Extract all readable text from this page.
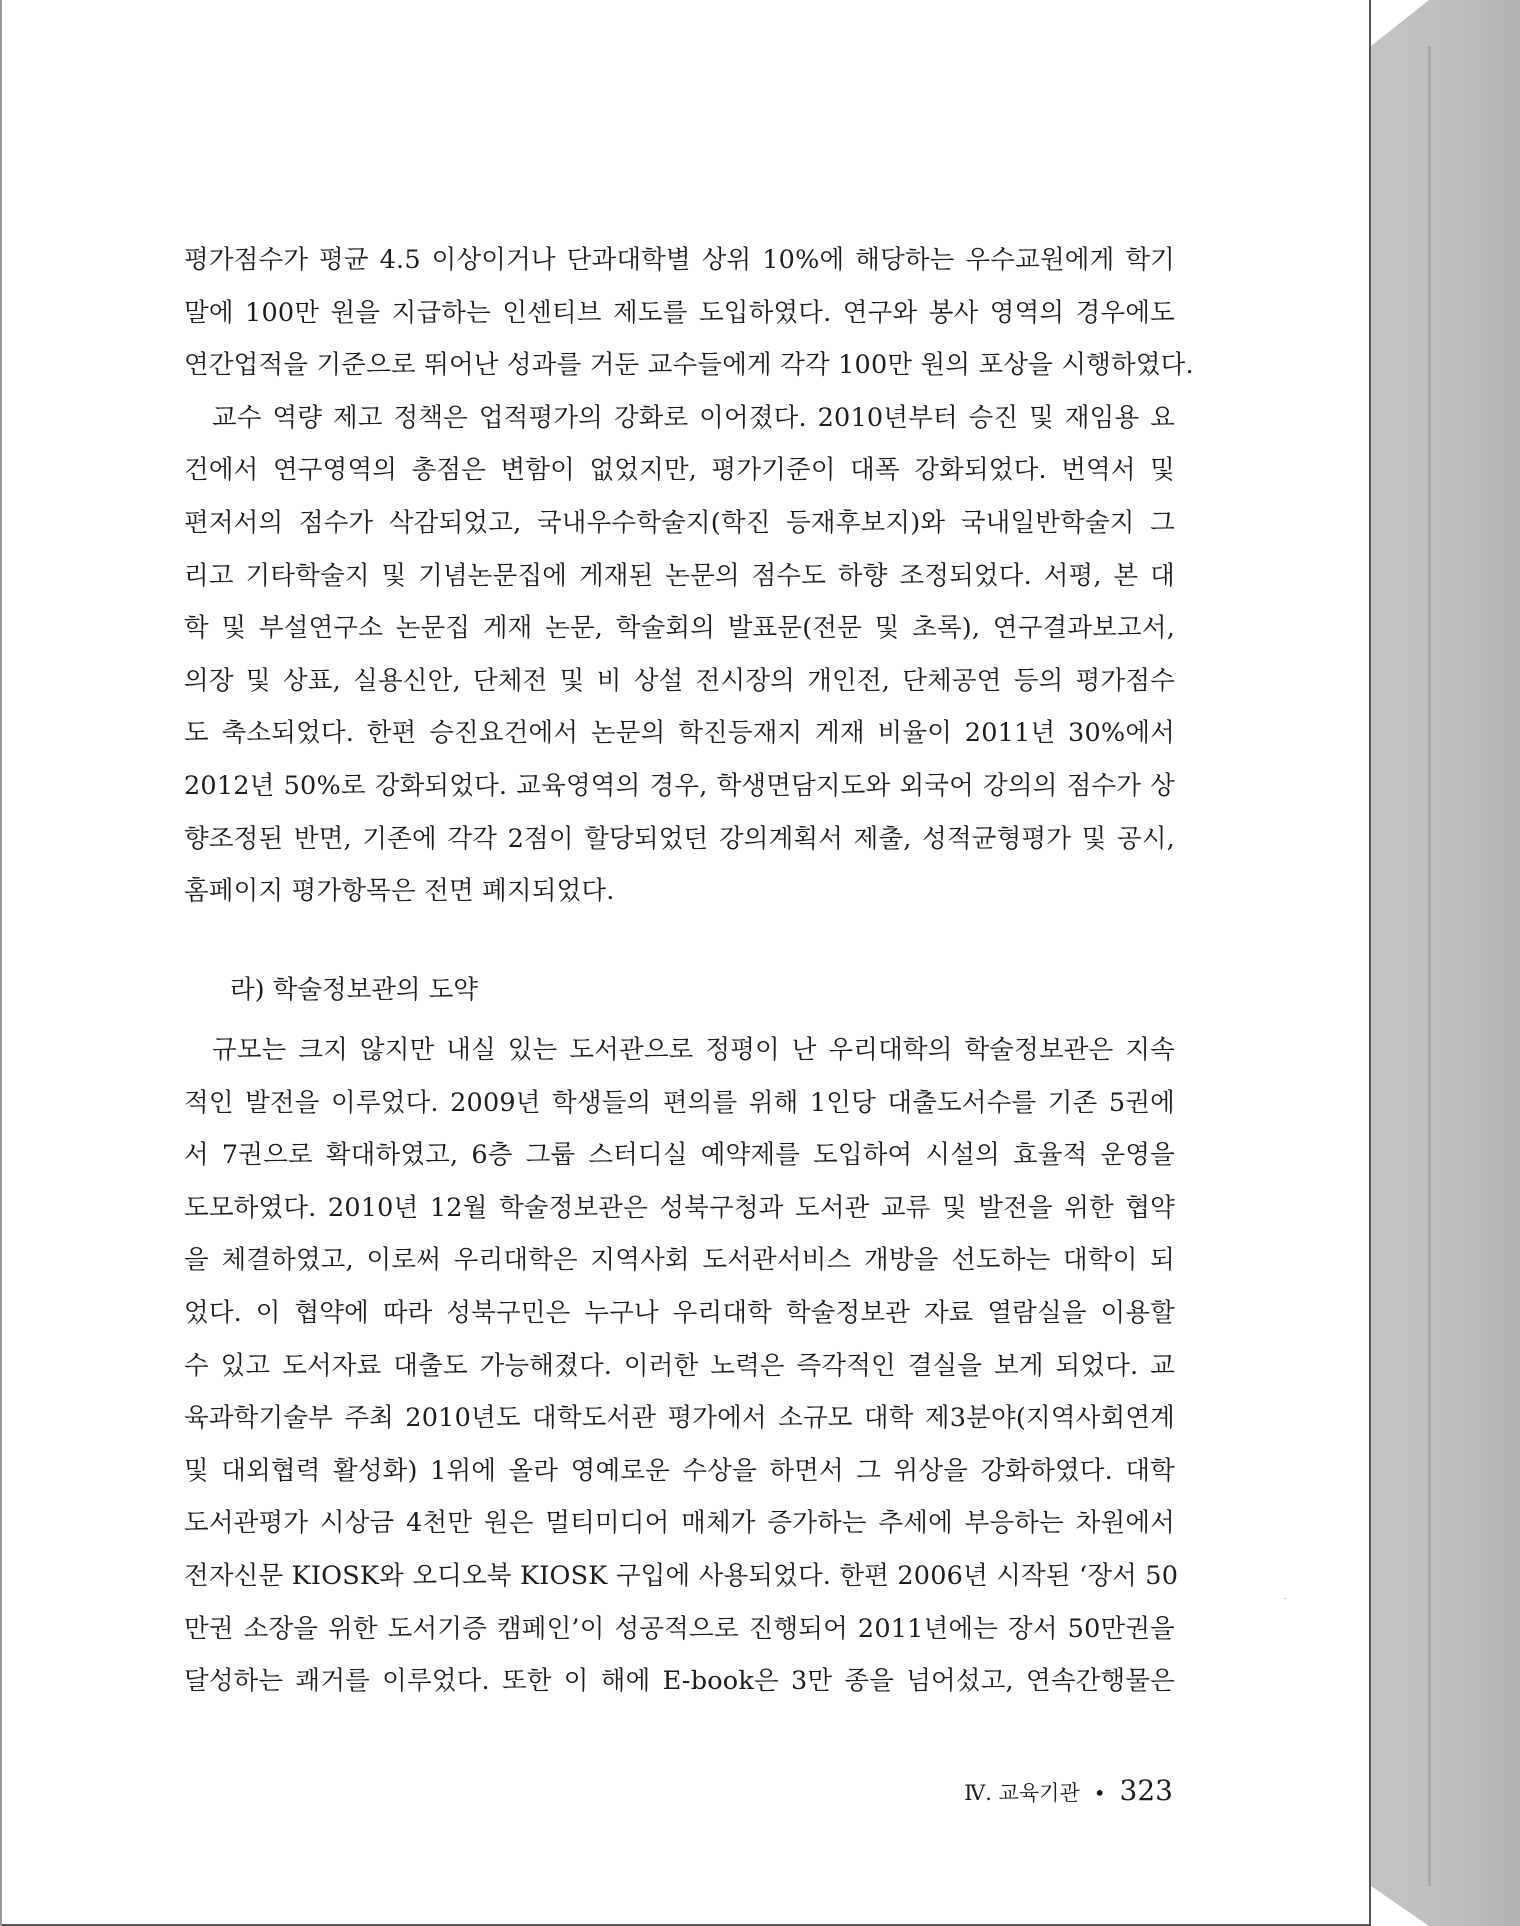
평가점수가 평균 4.5 이상이거나 단과대학별 상위 10%에 해당하는 우수교원에게 학기
말에 100만 원을 지급하는 인센티브 제도를 도입하였다. 연구와 봉사 영역의 경우에도
연간업적을 기준으로 뛰어난 성과를 거둔 교수들에게 각각 100만 원의 포상을 시행하였다.
교수 역량 제고 정책은 업적평가의 강화로 이어졌다. 2010년부터 승진 및 재임용 요
건에서 연구영역의 총점은 변함이 없었지만, 평가기준이 대폭 강화되었다. 번역서 및
편저서의 점수가 삭감되었고, 국내우수학술지(학진 등재후보지)와 국내일반학술지 그
리고 기타학술지 및 기념논문집에 게재된 논문의 점수도 하향 조정되었다. 서평, 본 대
학 및 부설연구소 논문집 게재 논문, 학술회의 발표문(전문 및 초록), 연구결과보고서,
의장 및 상표, 실용신안, 단체전 및 비 상설 전시장의 개인전, 단체공연 등의 평가점수
도 축소되었다. 한편 승진요건에서 논문의 학진등재지 게재 비율이 2011년 30%에서
2012년 50%로 강화되었다. 교육영역의 경우, 학생면담지도와 외국어 강의의 점수가 상
향조정된 반면, 기존에 각각 2점이 할당되었던 강의계획서 제출, 성적균형평가 및 공시,
홈페이지 평가항목은 전면 폐지되었다.
라) 학술정보관의 도약
규모는 크지 않지만 내실 있는 도서관으로 정평이 난 우리대학의 학술정보관은 지속
적인 발전을 이루었다. 2009년 학생들의 편의를 위해 1인당 대출도서수를 기존 5권에
서 7권으로 확대하였고, 6층 그룹 스터디실 예약제를 도입하여 시설의 효율적 운영을
도모하였다. 2010년 12월 학술정보관은 성북구청과 도서관 교류 및 발전을 위한 협약
을 체결하였고, 이로써 우리대학은 지역사회 도서관서비스 개방을 선도하는 대학이 되
었다. 이 협약에 따라 성북구민은 누구나 우리대학 학술정보관 자료 열람실을 이용할
수 있고 도서자료 대출도 가능해졌다. 이러한 노력은 즉각적인 결실을 보게 되었다. 교
육과학기술부 주최 2010년도 대학도서관 평가에서 소규모 대학 제3분야(지역사회연계
및 대외협력 활성화) 1위에 올라 영예로운 수상을 하면서 그 위상을 강화하였다. 대학
도서관평가 시상금 4천만 원은 멀티미디어 매체가 증가하는 추세에 부응하는 차원에서
전자신문 KIOSK와 오디오북 KIOSK 구입에 사용되었다. 한편 2006년 시작된 ‘장서 50
만권 소장을 위한 도서기증 캠페인’이 성공적으로 진행되어 2011년에는 장서 50만권을
달성하는 쾌거를 이루었다. 또한 이 해에 E-book은 3만 종을 넘어섰고, 연속간행물은
Ⅳ. 교육기관 • 323
